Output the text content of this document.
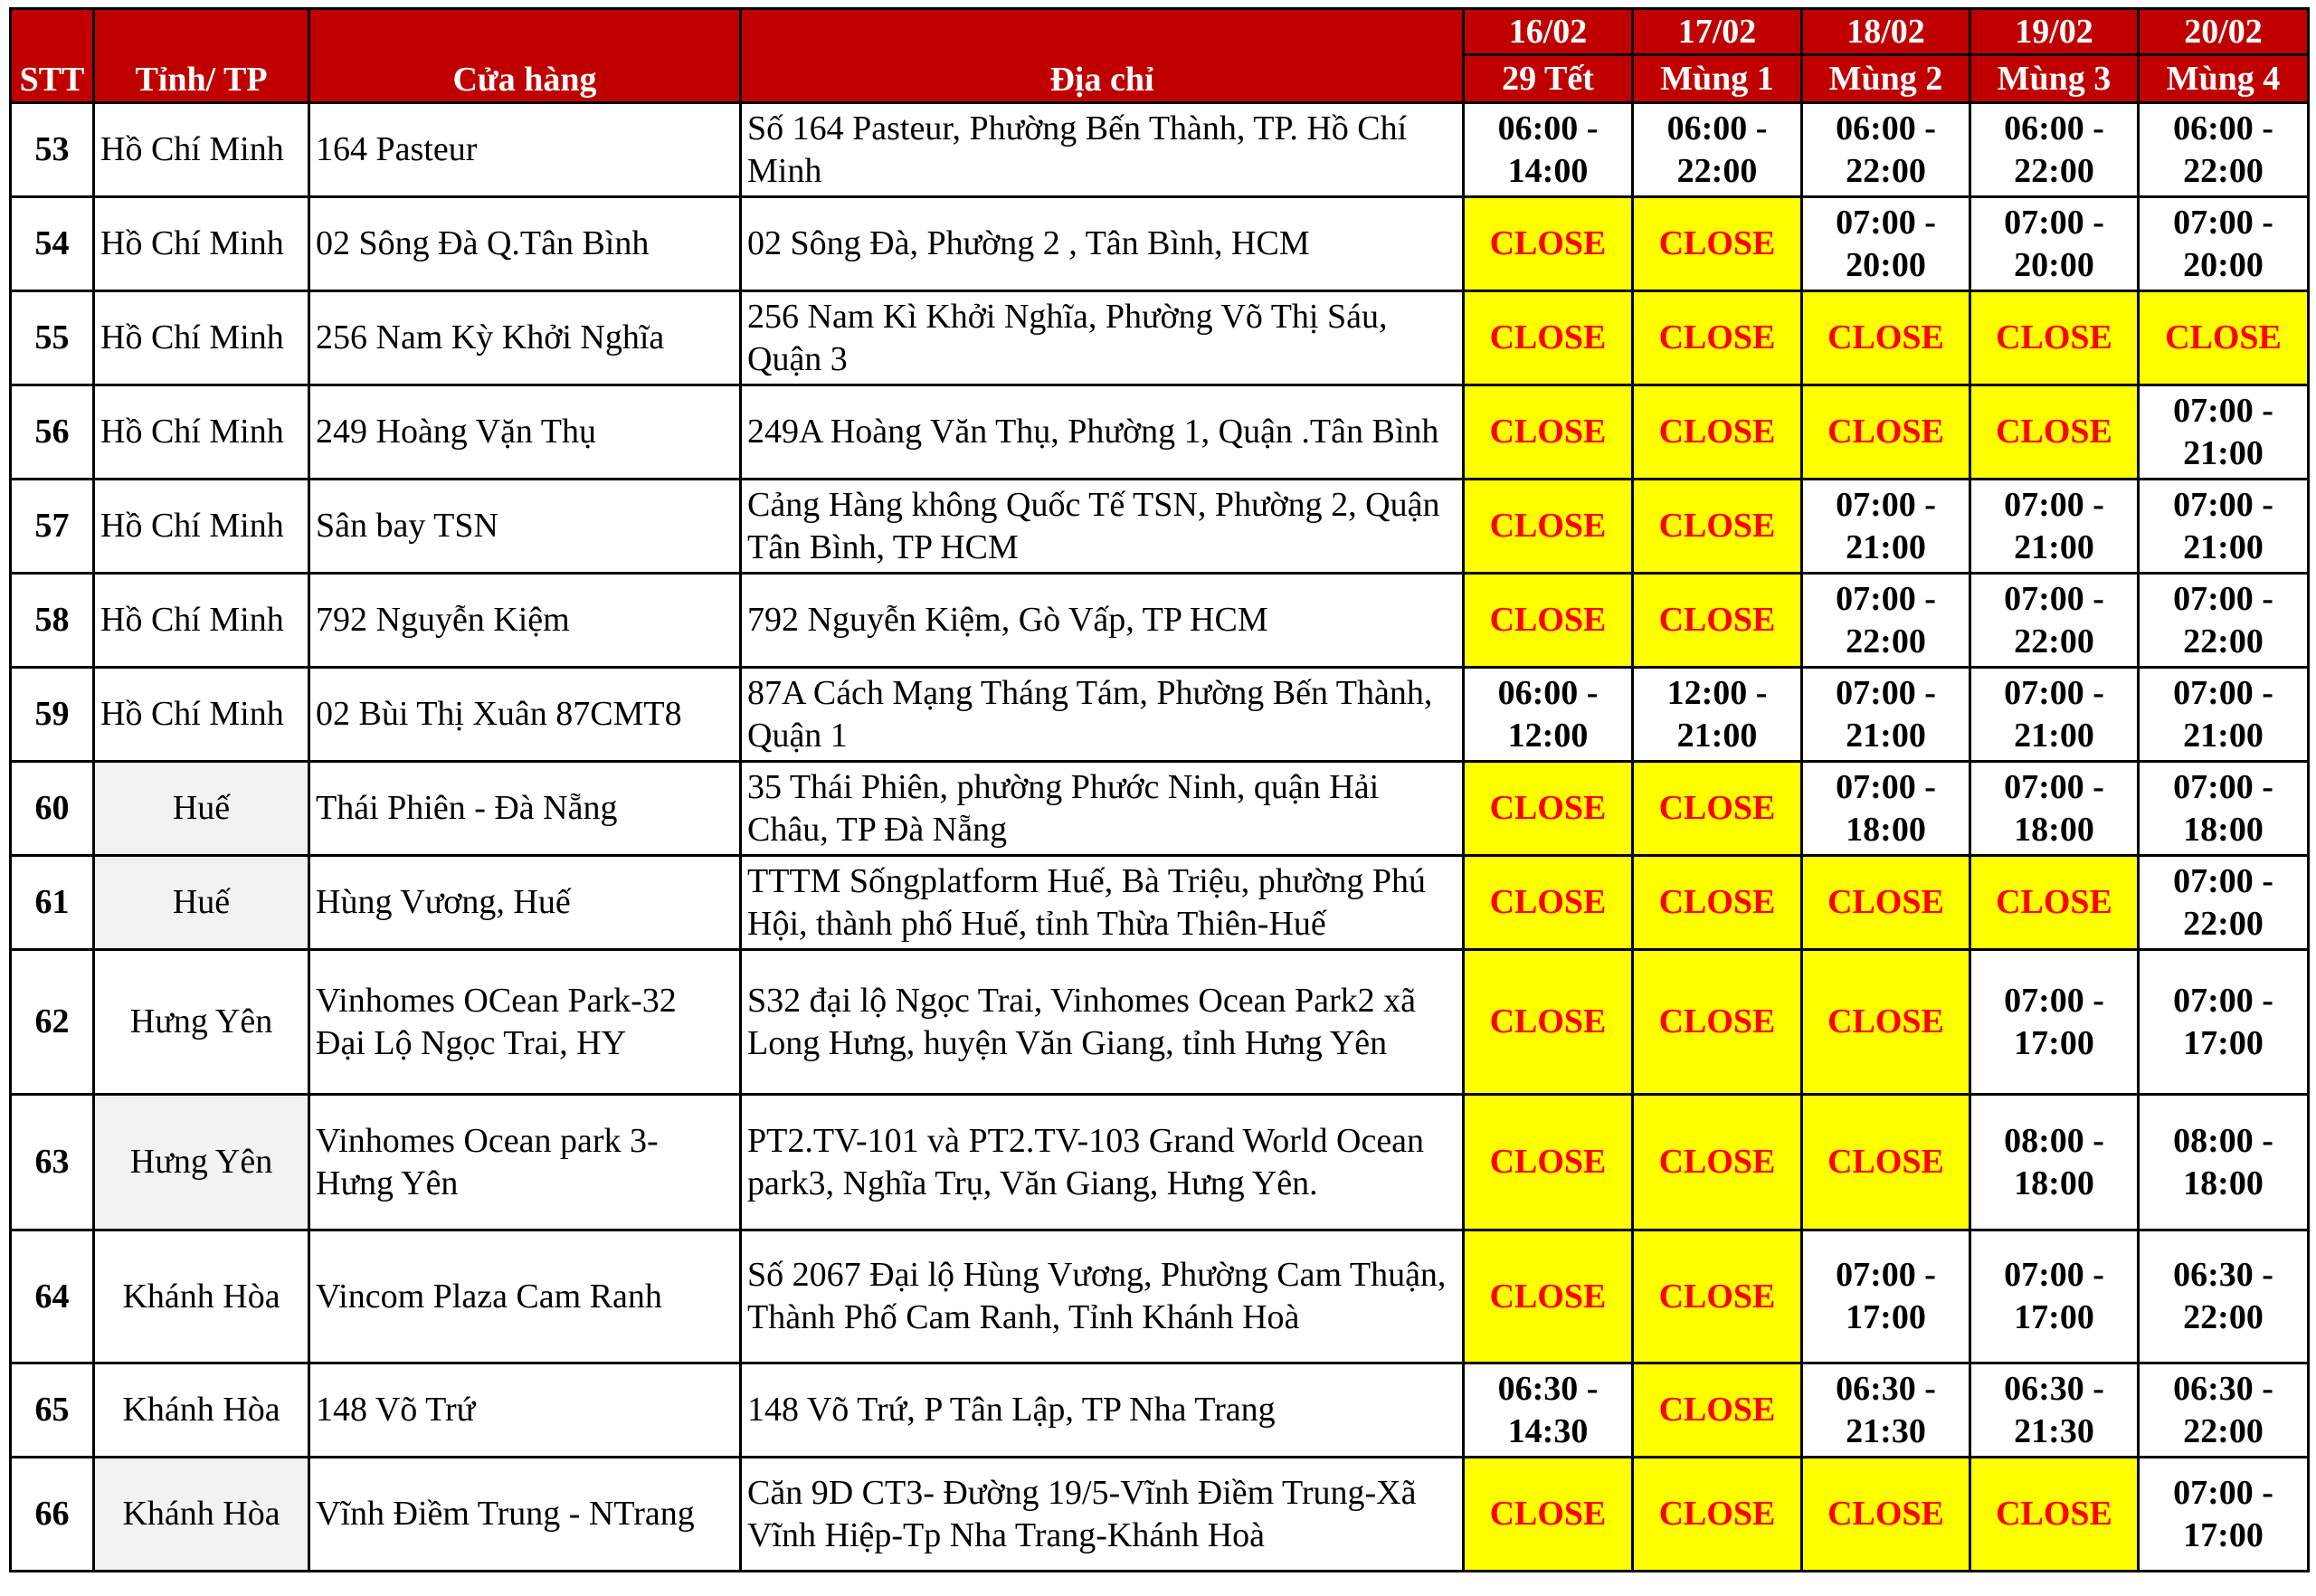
STT	Tỉnh/ TP	Cửa hàng	Địa chỉ	16/02	17/02	18/02	19/02	20/02
				29 Tết	Mùng 1	Mùng 2	Mùng 3	Mùng 4
53	Hồ Chí Minh	164 Pasteur	Số 164 Pasteur, Phường Bến Thành, TP. Hồ Chí Minh	06:00 - 14:00	06:00 - 22:00	06:00 - 22:00	06:00 - 22:00	06:00 - 22:00
54	Hồ Chí Minh	02 Sông Đà Q.Tân Bình	02 Sông Đà, Phường 2 , Tân Bình, HCM	CLOSE	CLOSE	07:00 - 20:00	07:00 - 20:00	07:00 - 20:00
55	Hồ Chí Minh	256 Nam Kỳ Khởi Nghĩa	256 Nam Kì Khởi Nghĩa, Phường Võ Thị Sáu, Quận 3	CLOSE	CLOSE	CLOSE	CLOSE	CLOSE
56	Hồ Chí Minh	249 Hoàng Vặn Thụ	249A Hoàng Văn Thụ, Phường 1, Quận .Tân Bình	CLOSE	CLOSE	CLOSE	CLOSE	07:00 - 21:00
57	Hồ Chí Minh	Sân bay TSN	Cảng Hàng không Quốc Tế TSN, Phường 2, Quận Tân Bình, TP HCM	CLOSE	CLOSE	07:00 - 21:00	07:00 - 21:00	07:00 - 21:00
58	Hồ Chí Minh	792 Nguyễn Kiệm	792 Nguyễn Kiệm, Gò Vấp, TP HCM	CLOSE	CLOSE	07:00 - 22:00	07:00 - 22:00	07:00 - 22:00
59	Hồ Chí Minh	02 Bùi Thị Xuân 87CMT8	87A Cách Mạng Tháng Tám, Phường Bến Thành, Quận 1	06:00 - 12:00	12:00 - 21:00	07:00 - 21:00	07:00 - 21:00	07:00 - 21:00
60	Huế	Thái Phiên - Đà Nẵng	35 Thái Phiên, phường Phước Ninh, quận Hải Châu, TP Đà Nẵng	CLOSE	CLOSE	07:00 - 18:00	07:00 - 18:00	07:00 - 18:00
61	Huế	Hùng Vương, Huế	TTTM Sốngplatform Huế, Bà Triệu, phường Phú Hội, thành phố Huế, tỉnh Thừa Thiên-Huế	CLOSE	CLOSE	CLOSE	CLOSE	07:00 - 22:00
62	Hưng Yên	Vinhomes OCean Park-32 Đại Lộ Ngọc Trai, HY	S32 đại lộ Ngọc Trai, Vinhomes Ocean Park2 xã Long Hưng, huyện Văn Giang, tỉnh Hưng Yên	CLOSE	CLOSE	CLOSE	07:00 - 17:00	07:00 - 17:00
63	Hưng Yên	Vinhomes Ocean park 3- Hưng Yên	PT2.TV-101 và PT2.TV-103 Grand World Ocean park3, Nghĩa Trụ, Văn Giang, Hưng Yên.	CLOSE	CLOSE	CLOSE	08:00 - 18:00	08:00 - 18:00
64	Khánh Hòa	Vincom Plaza Cam Ranh	Số 2067 Đại lộ Hùng Vương, Phường Cam Thuận, Thành Phố Cam Ranh, Tỉnh Khánh Hoà	CLOSE	CLOSE	07:00 - 17:00	07:00 - 17:00	06:30 - 22:00
65	Khánh Hòa	148 Võ Trứ	148 Võ Trứ, P Tân Lập, TP Nha Trang	06:30 - 14:30	CLOSE	06:30 - 21:30	06:30 - 21:30	06:30 - 22:00
66	Khánh Hòa	Vĩnh Điềm Trung - NTrang	Căn 9D CT3- Đường 19/5-Vĩnh Điềm Trung-Xã Vĩnh Hiệp-Tp Nha Trang-Khánh Hoà	CLOSE	CLOSE	CLOSE	CLOSE	07:00 - 17:00
